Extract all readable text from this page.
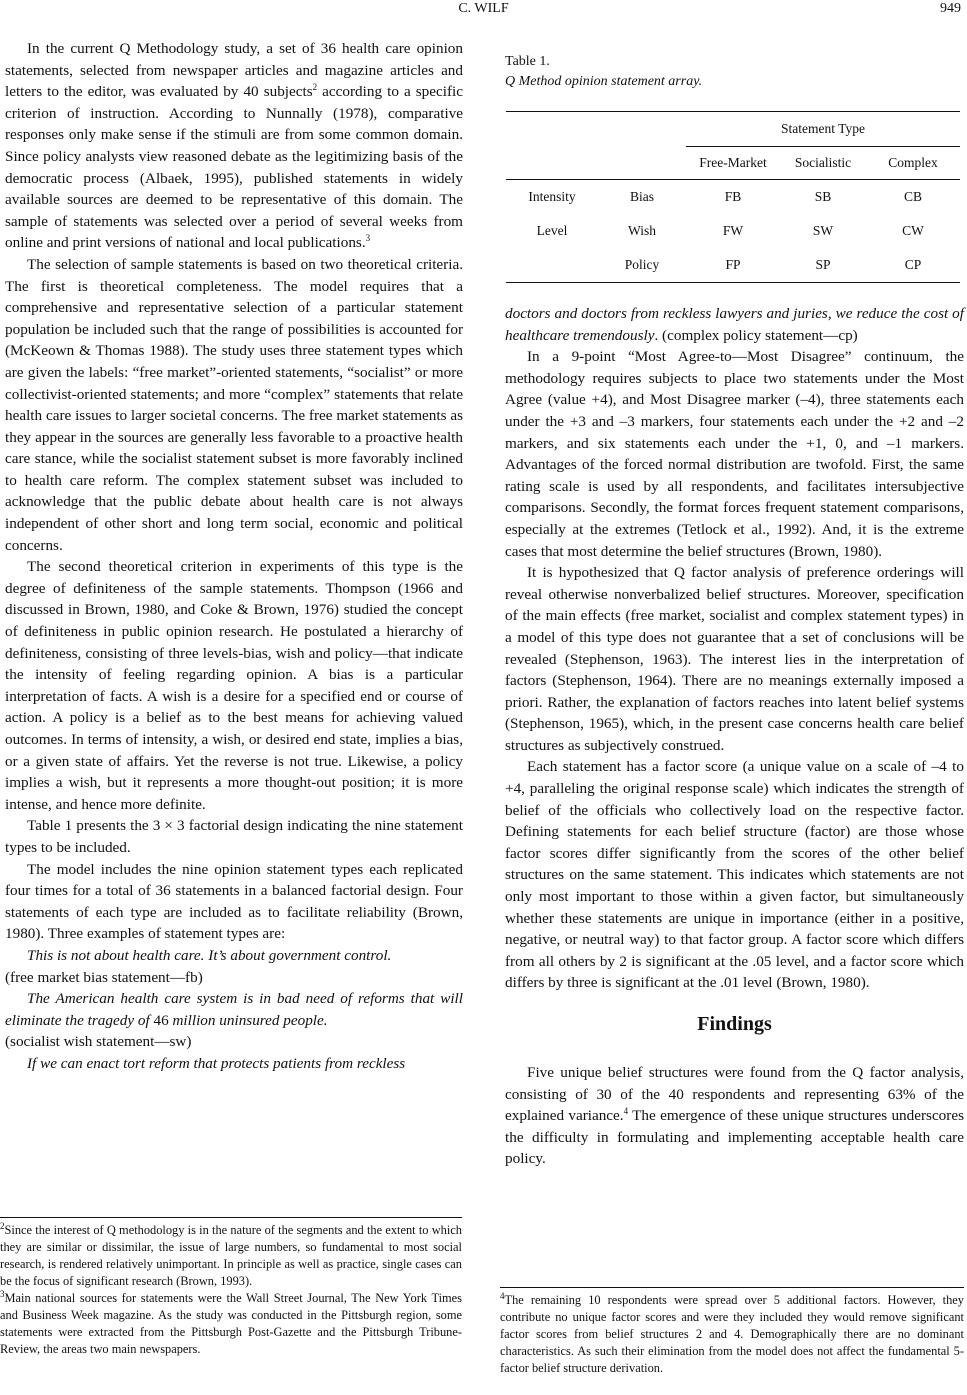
C. WILF	949

In the current Q Methodology study, a set of 36 health care opinion statements, selected from newspaper articles and magazine articles and letters to the editor, was evaluated by 40 subjects$^2$ according to a specific criterion of instruction. According to Nunnally (1978), comparative responses only make sense if the stimuli are from some common domain. Since policy analysts view reasoned debate as the legitimizing basis of the democratic process (Albaek, 1995), published statements in widely available sources are deemed to be representative of this domain. The sample of statements was selected over a period of several weeks from online and print versions of national and local publications.$^3$

The selection of sample statements is based on two theoretical criteria. The first is theoretical completeness. The model requires that a comprehensive and representative selection of a particular statement population be included such that the range of possibilities is accounted for (McKeown & Thomas 1988). The study uses three statement types which are given the labels: “free market”-oriented statements, “socialist” or more collectivist-oriented statements; and more “complex” statements that relate health care issues to larger societal concerns. The free market statements as they appear in the sources are generally less favorable to a proactive health care stance, while the socialist statement subset is more favorably inclined to health care reform. The complex statement subset was included to acknowledge that the public debate about health care is not always independent of other short and long term social, economic and political concerns.

The second theoretical criterion in experiments of this type is the degree of definiteness of the sample statements. Thompson (1966 and discussed in Brown, 1980, and Coke & Brown, 1976) studied the concept of definiteness in public opinion research. He postulated a hierarchy of definiteness, consisting of three levels-bias, wish and policy—that indicate the intensity of feeling regarding opinion. A bias is a particular interpretation of facts. A wish is a desire for a specified end or course of action. A policy is a belief as to the best means for achieving valued outcomes. In terms of intensity, a wish, or desired end state, implies a bias, or a given state of affairs. Yet the reverse is not true. Likewise, a policy implies a wish, but it represents a more thought-out position; it is more intense, and hence more definite.

Table 1 presents the 3 × 3 factorial design indicating the nine statement types to be included.

The model includes the nine opinion statement types each replicated four times for a total of 36 statements in a balanced factorial design. Four statements of each type are included as to facilitate reliability (Brown, 1980). Three examples of statement types are:

This is not about health care. It’s about government control.

(free market bias statement—fb)

The American health care system is in bad need of reforms that will eliminate the tragedy of 46 million uninsured people.

(socialist wish statement—sw)

If we can enact tort reform that protects patients from reckless

$^2$Since the interest of Q methodology is in the nature of the segments and the extent to which they are similar or dissimilar, the issue of large numbers, so fundamental to most social research, is rendered relatively unimportant. In principle as well as practice, single cases can be the focus of significant research (Brown, 1993).

$^3$Main national sources for statements were the Wall Street Journal, The New York Times and Business Week magazine. As the study was conducted in the Pittsburgh region, some statements were extracted from the Pittsburgh Post-Gazette and the Pittsburgh Tribune-Review, the areas two main newspapers.

Table 1.
Q Method opinion statement array.
		Statement Type		
		Free-Market	Socialistic	Complex
Intensity	Bias	FB	SB	CB
Level	Wish	FW	SW	CW
	Policy	FP	SP	CP

doctors and doctors from reckless lawyers and juries, we reduce the cost of healthcare tremendously. (complex policy statement—cp)

In a 9-point “Most Agree-to—Most Disagree” continuum, the methodology requires subjects to place two statements under the Most Agree (value +4), and Most Disagree marker (–4), three statements each under the +3 and –3 markers, four statements each under the +2 and –2 markers, and six statements each under the +1, 0, and –1 markers. Advantages of the forced normal distribution are twofold. First, the same rating scale is used by all respondents, and facilitates intersubjective comparisons. Secondly, the format forces frequent statement comparisons, especially at the extremes (Tetlock et al., 1992). And, it is the extreme cases that most determine the belief structures (Brown, 1980).

It is hypothesized that Q factor analysis of preference orderings will reveal otherwise nonverbalized belief structures. Moreover, specification of the main effects (free market, socialist and complex statement types) in a model of this type does not guarantee that a set of conclusions will be revealed (Stephenson, 1963). The interest lies in the interpretation of factors (Stephenson, 1964). There are no meanings externally imposed a priori. Rather, the explanation of factors reaches into latent belief systems (Stephenson, 1965), which, in the present case concerns health care belief structures as subjectively construed.

Each statement has a factor score (a unique value on a scale of –4 to +4, paralleling the original response scale) which indicates the strength of belief of the officials who collectively load on the respective factor. Defining statements for each belief structure (factor) are those whose factor scores differ significantly from the scores of the other belief structures on the same statement. This indicates which statements are not only most important to those within a given factor, but simultaneously whether these statements are unique in importance (either in a positive, negative, or neutral way) to that factor group. A factor score which differs from all others by 2 is significant at the .05 level, and a factor score which differs by three is significant at the .01 level (Brown, 1980).

Findings

Five unique belief structures were found from the Q factor analysis, consisting of 30 of the 40 respondents and representing 63% of the explained variance.$^4$ The emergence of these unique structures underscores the difficulty in formulating and implementing acceptable health care policy.

$^4$The remaining 10 respondents were spread over 5 additional factors. However, they contribute no unique factor scores and were they included they would remove significant factor scores from belief structures 2 and 4. Demographically there are no dominant characteristics. As such their elimination from the model does not affect the fundamental 5-factor belief structure derivation.
